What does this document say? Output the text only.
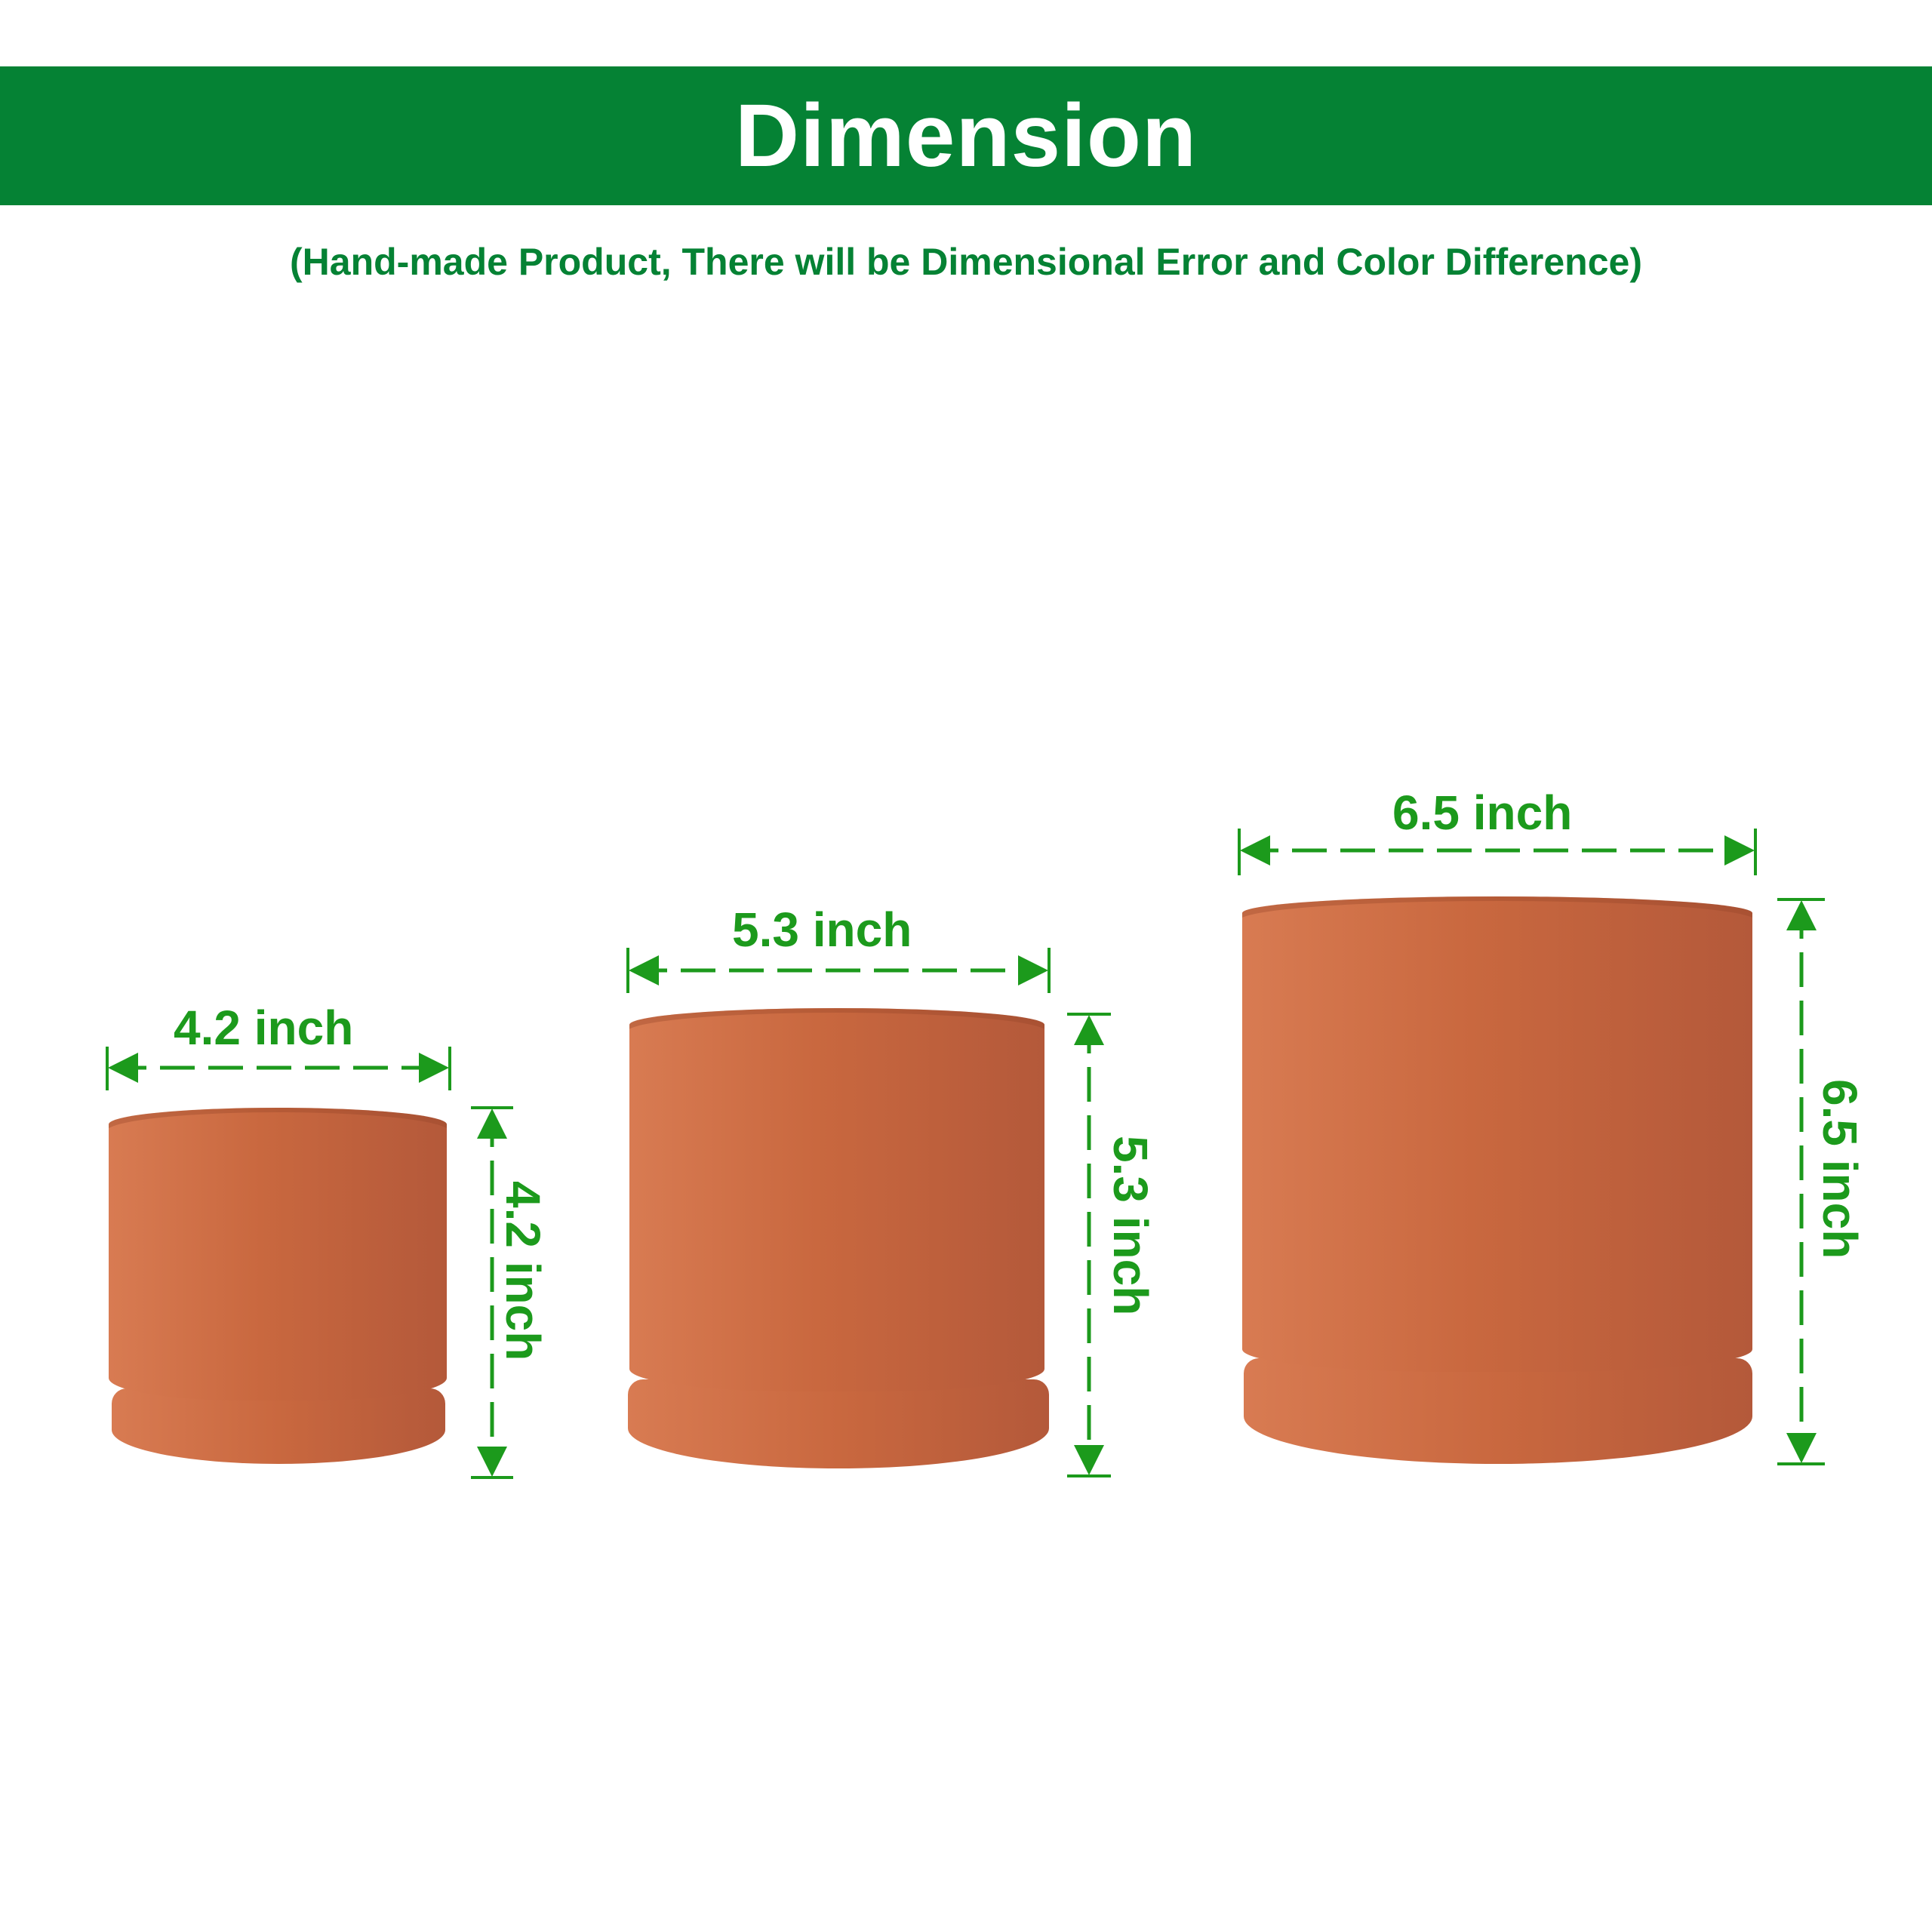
Dimension
(Hand-made Product, There will be Dimensional Error and Color Difference)
4.2 inch
4.2 inch
5.3 inch
5.3 inch
6.5 inch
6.5 inch
